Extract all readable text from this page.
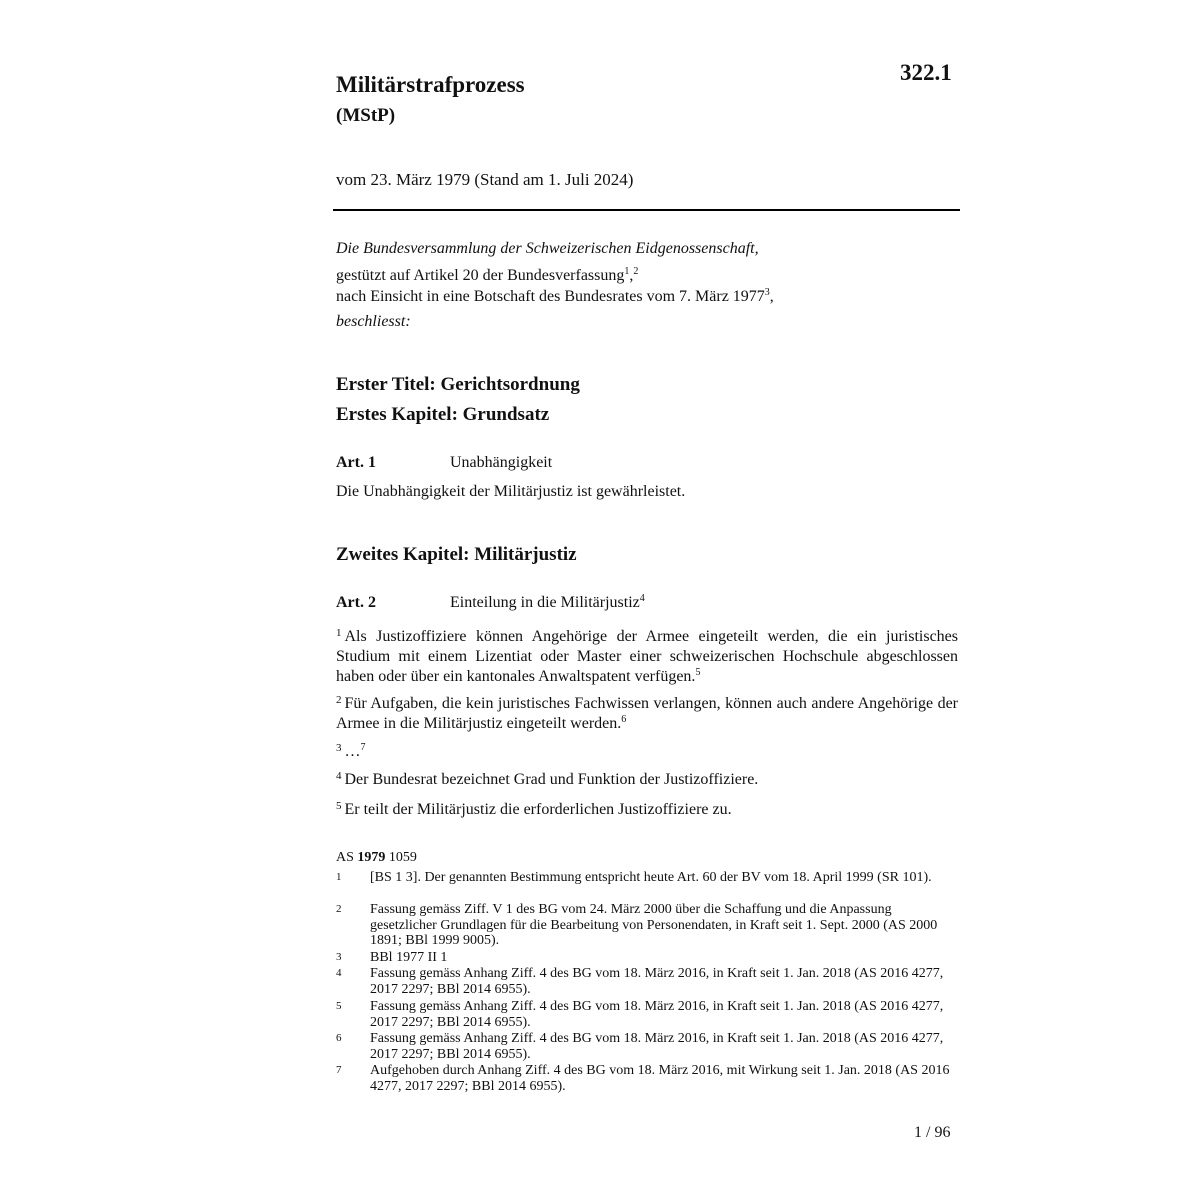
Militärstrafprozess
(MStP)
322.1
vom 23. März 1979 (Stand am 1. Juli 2024)
Die Bundesversammlung der Schweizerischen Eidgenossenschaft,
gestützt auf Artikel 20 der Bundesverfassung$^1$,$^2$
nach Einsicht in eine Botschaft des Bundesrates vom 7. März 1977$^3$,
beschliesst:
Erster Titel: Gerichtsordnung
Erstes Kapitel: Grundsatz
Art. 1	Unabhängigkeit
Die Unabhängigkeit der Militärjustiz ist gewährleistet.
Zweites Kapitel: Militärjustiz
Art. 2	Einteilung in die Militärjustiz$^4$
$^1$ Als Justizoffiziere können Angehörige der Armee eingeteilt werden, die ein juristisches Studium mit einem Lizentiat oder Master einer schweizerischen Hochschule abgeschlossen haben oder über ein kantonales Anwaltspatent verfügen.$^5$
$^2$ Für Aufgaben, die kein juristisches Fachwissen verlangen, können auch andere Angehörige der Armee in die Militärjustiz eingeteilt werden.$^6$
$^3$ …$^7$
$^4$ Der Bundesrat bezeichnet Grad und Funktion der Justizoffiziere.
$^5$ Er teilt der Militärjustiz die erforderlichen Justizoffiziere zu.
AS 1979 1059
1 [BS 1 3]. Der genannten Bestimmung entspricht heute Art. 60 der BV vom 18. April 1999 (SR 101).
2 Fassung gemäss Ziff. V 1 des BG vom 24. März 2000 über die Schaffung und die Anpassung gesetzlicher Grundlagen für die Bearbeitung von Personendaten, in Kraft seit 1. Sept. 2000 (AS 2000 1891; BBl 1999 9005).
3 BBl 1977 II 1
4 Fassung gemäss Anhang Ziff. 4 des BG vom 18. März 2016, in Kraft seit 1. Jan. 2018 (AS 2016 4277, 2017 2297; BBl 2014 6955).
5 Fassung gemäss Anhang Ziff. 4 des BG vom 18. März 2016, in Kraft seit 1. Jan. 2018 (AS 2016 4277, 2017 2297; BBl 2014 6955).
6 Fassung gemäss Anhang Ziff. 4 des BG vom 18. März 2016, in Kraft seit 1. Jan. 2018 (AS 2016 4277, 2017 2297; BBl 2014 6955).
7 Aufgehoben durch Anhang Ziff. 4 des BG vom 18. März 2016, mit Wirkung seit 1. Jan. 2018 (AS 2016 4277, 2017 2297; BBl 2014 6955).
1 / 96
